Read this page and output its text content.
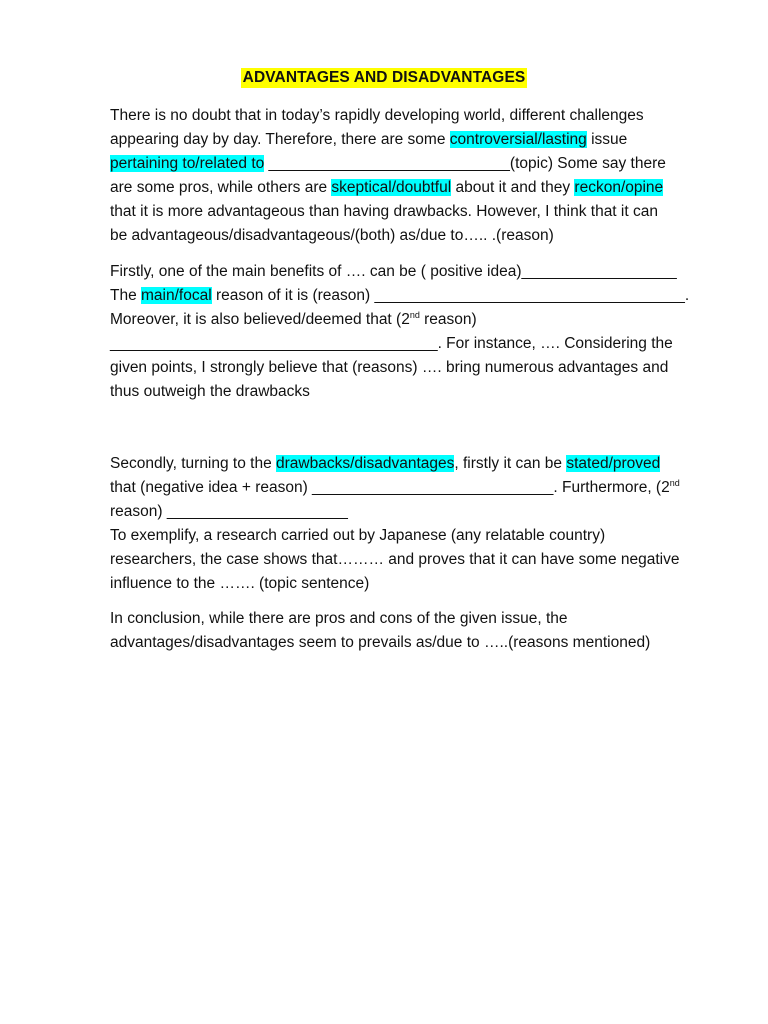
ADVANTAGES AND DISADVANTAGES
There is no doubt that in today’s rapidly developing world, different challenges
appearing day by day. Therefore, there are some controversial/lasting issue
pertaining to/related to ____________________________(topic) Some say there
are some pros, while others are skeptical/doubtful about it and they reckon/opine
that it is more advantageous than having drawbacks. However, I think that it can
be advantageous/disadvantageous/(both) as/due to….. .(reason)
Firstly, one of the main benefits of …. can be ( positive idea)__________________
The main/focal reason of it is (reason) ____________________________________.
Moreover, it is also believed/deemed that (2nd reason)
______________________________________. For instance, …. Considering the
given points, I strongly believe that (reasons) …. bring numerous advantages and
thus outweigh the drawbacks
Secondly, turning to the drawbacks/disadvantages, firstly it can be stated/proved
that (negative idea + reason) ____________________________. Furthermore, (2nd
reason) _____________________
To exemplify, a research carried out by Japanese (any relatable country)
researchers, the case shows that……… and proves that it can have some negative
influence to the ……. (topic sentence)
In conclusion, while there are pros and cons of the given issue, the
advantages/disadvantages seem to prevails as/due to …..(reasons mentioned)
